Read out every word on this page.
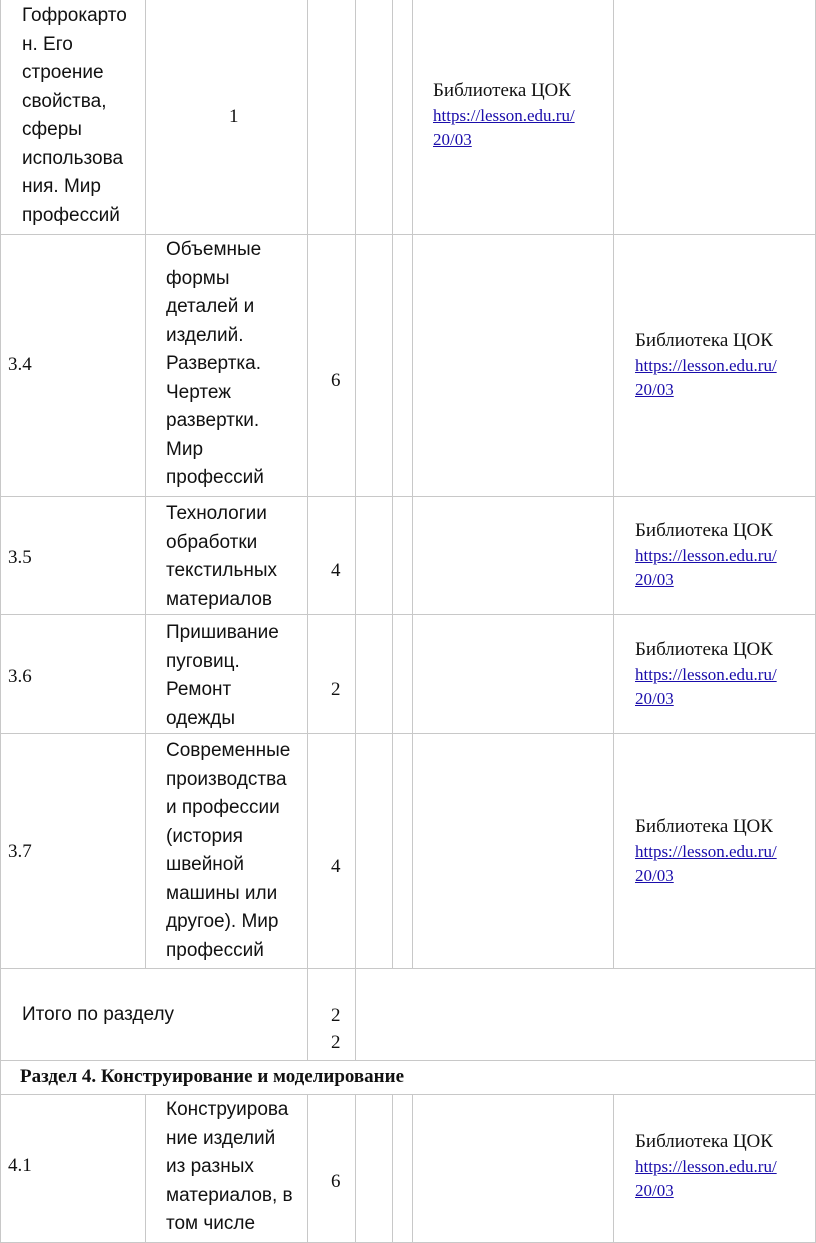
Гофрокарто
н. Его
строение
свойства,
сферы
использова
ния. Мир
профессий
1
Библиотека ЦОК
https://lesson.edu.ru/
20/03
3.4
Объемные
формы
деталей и
изделий.
Развертка.
Чертеж
развертки.
Мир
профессий
6
Библиотека ЦОК
https://lesson.edu.ru/
20/03
3.5
Технологии
обработки
текстильных
материалов
4
Библиотека ЦОК
https://lesson.edu.ru/
20/03
3.6
Пришивание
пуговиц.
Ремонт
одежды
2
Библиотека ЦОК
https://lesson.edu.ru/
20/03
3.7
Современные
производства
и профессии
(история
швейной
машины или
другое). Мир
профессий
4
Библиотека ЦОК
https://lesson.edu.ru/
20/03
Итого по разделу	2
2
Раздел 4. Конструирование и моделирование
4.1
Конструирова
ние изделий
из разных
материалов, в
том числе
6
Библиотека ЦОК
https://lesson.edu.ru/
20/03
